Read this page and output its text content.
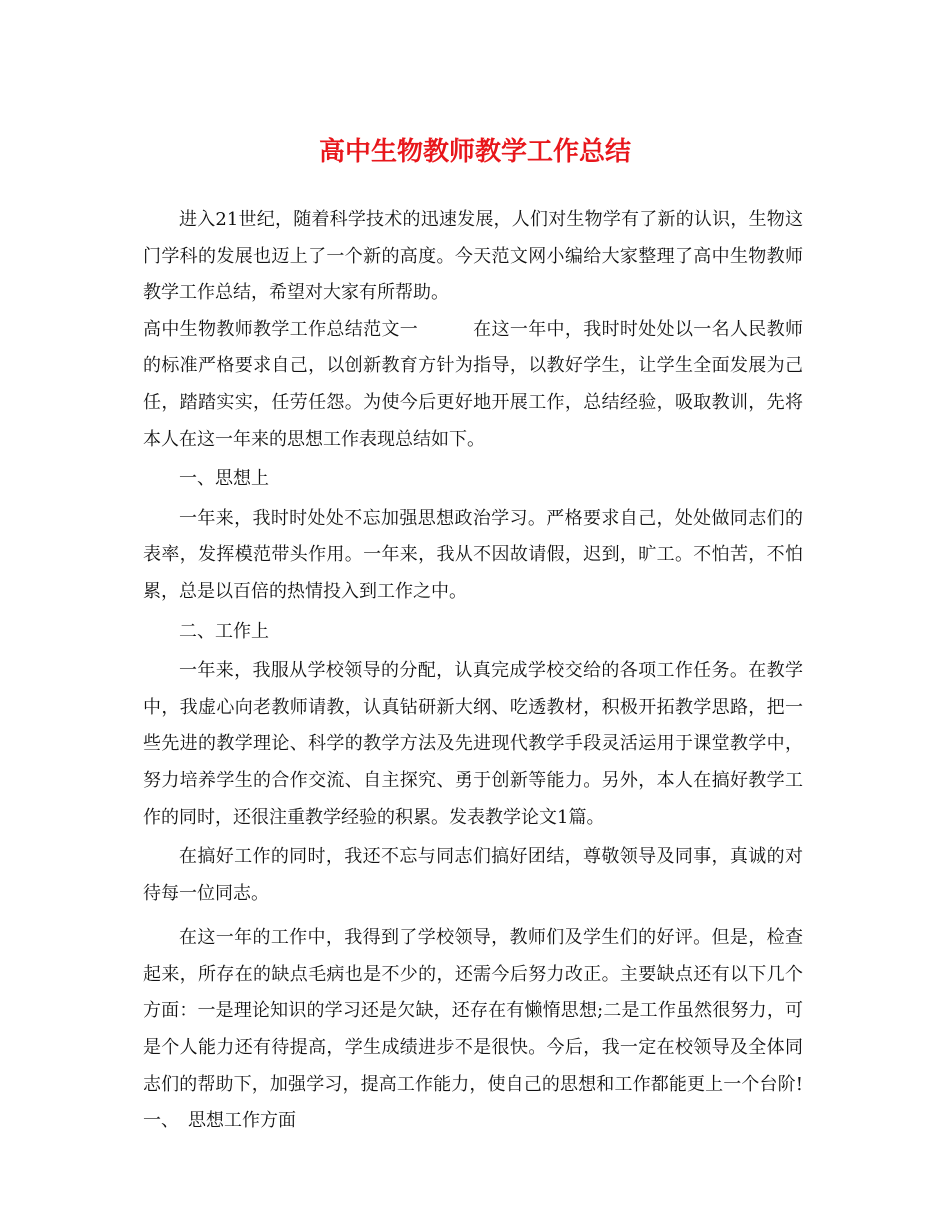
高中生物教师教学工作总结

进入21世纪，随着科学技术的迅速发展，人们对生物学有了新的认识，生物这门学科的发展也迈上了一个新的高度。今天范文网小编给大家整理了高中生物教师教学工作总结，希望对大家有所帮助。

高中生物教师教学工作总结范文一　　　在这一年中，我时时处处以一名人民教师的标准严格要求自己，以创新教育方针为指导，以教好学生，让学生全面发展为己任，踏踏实实，任劳任怨。为使今后更好地开展工作，总结经验，吸取教训，先将本人在这一年来的思想工作表现总结如下。

一、思想上

一年来，我时时处处不忘加强思想政治学习。严格要求自己，处处做同志们的表率，发挥模范带头作用。一年来，我从不因故请假，迟到，旷工。不怕苦，不怕累，总是以百倍的热情投入到工作之中。

二、工作上

一年来，我服从学校领导的分配，认真完成学校交给的各项工作任务。在教学中，我虚心向老教师请教，认真钻研新大纲、吃透教材，积极开拓教学思路，把一些先进的教学理论、科学的教学方法及先进现代教学手段灵活运用于课堂教学中，努力培养学生的合作交流、自主探究、勇于创新等能力。另外，本人在搞好教学工作的同时，还很注重教学经验的积累。发表教学论文1篇。

在搞好工作的同时，我还不忘与同志们搞好团结，尊敬领导及同事，真诚的对待每一位同志。

在这一年的工作中，我得到了学校领导，教师们及学生们的好评。但是，检查起来，所存在的缺点毛病也是不少的，还需今后努力改正。主要缺点还有以下几个方面：一是理论知识的学习还是欠缺，还存在有懒惰思想;二是工作虽然很努力，可是个人能力还有待提高，学生成绩进步不是很快。今后，我一定在校领导及全体同志们的帮助下，加强学习，提高工作能力，使自己的思想和工作都能更上一个台阶!一、　思想工作方面
